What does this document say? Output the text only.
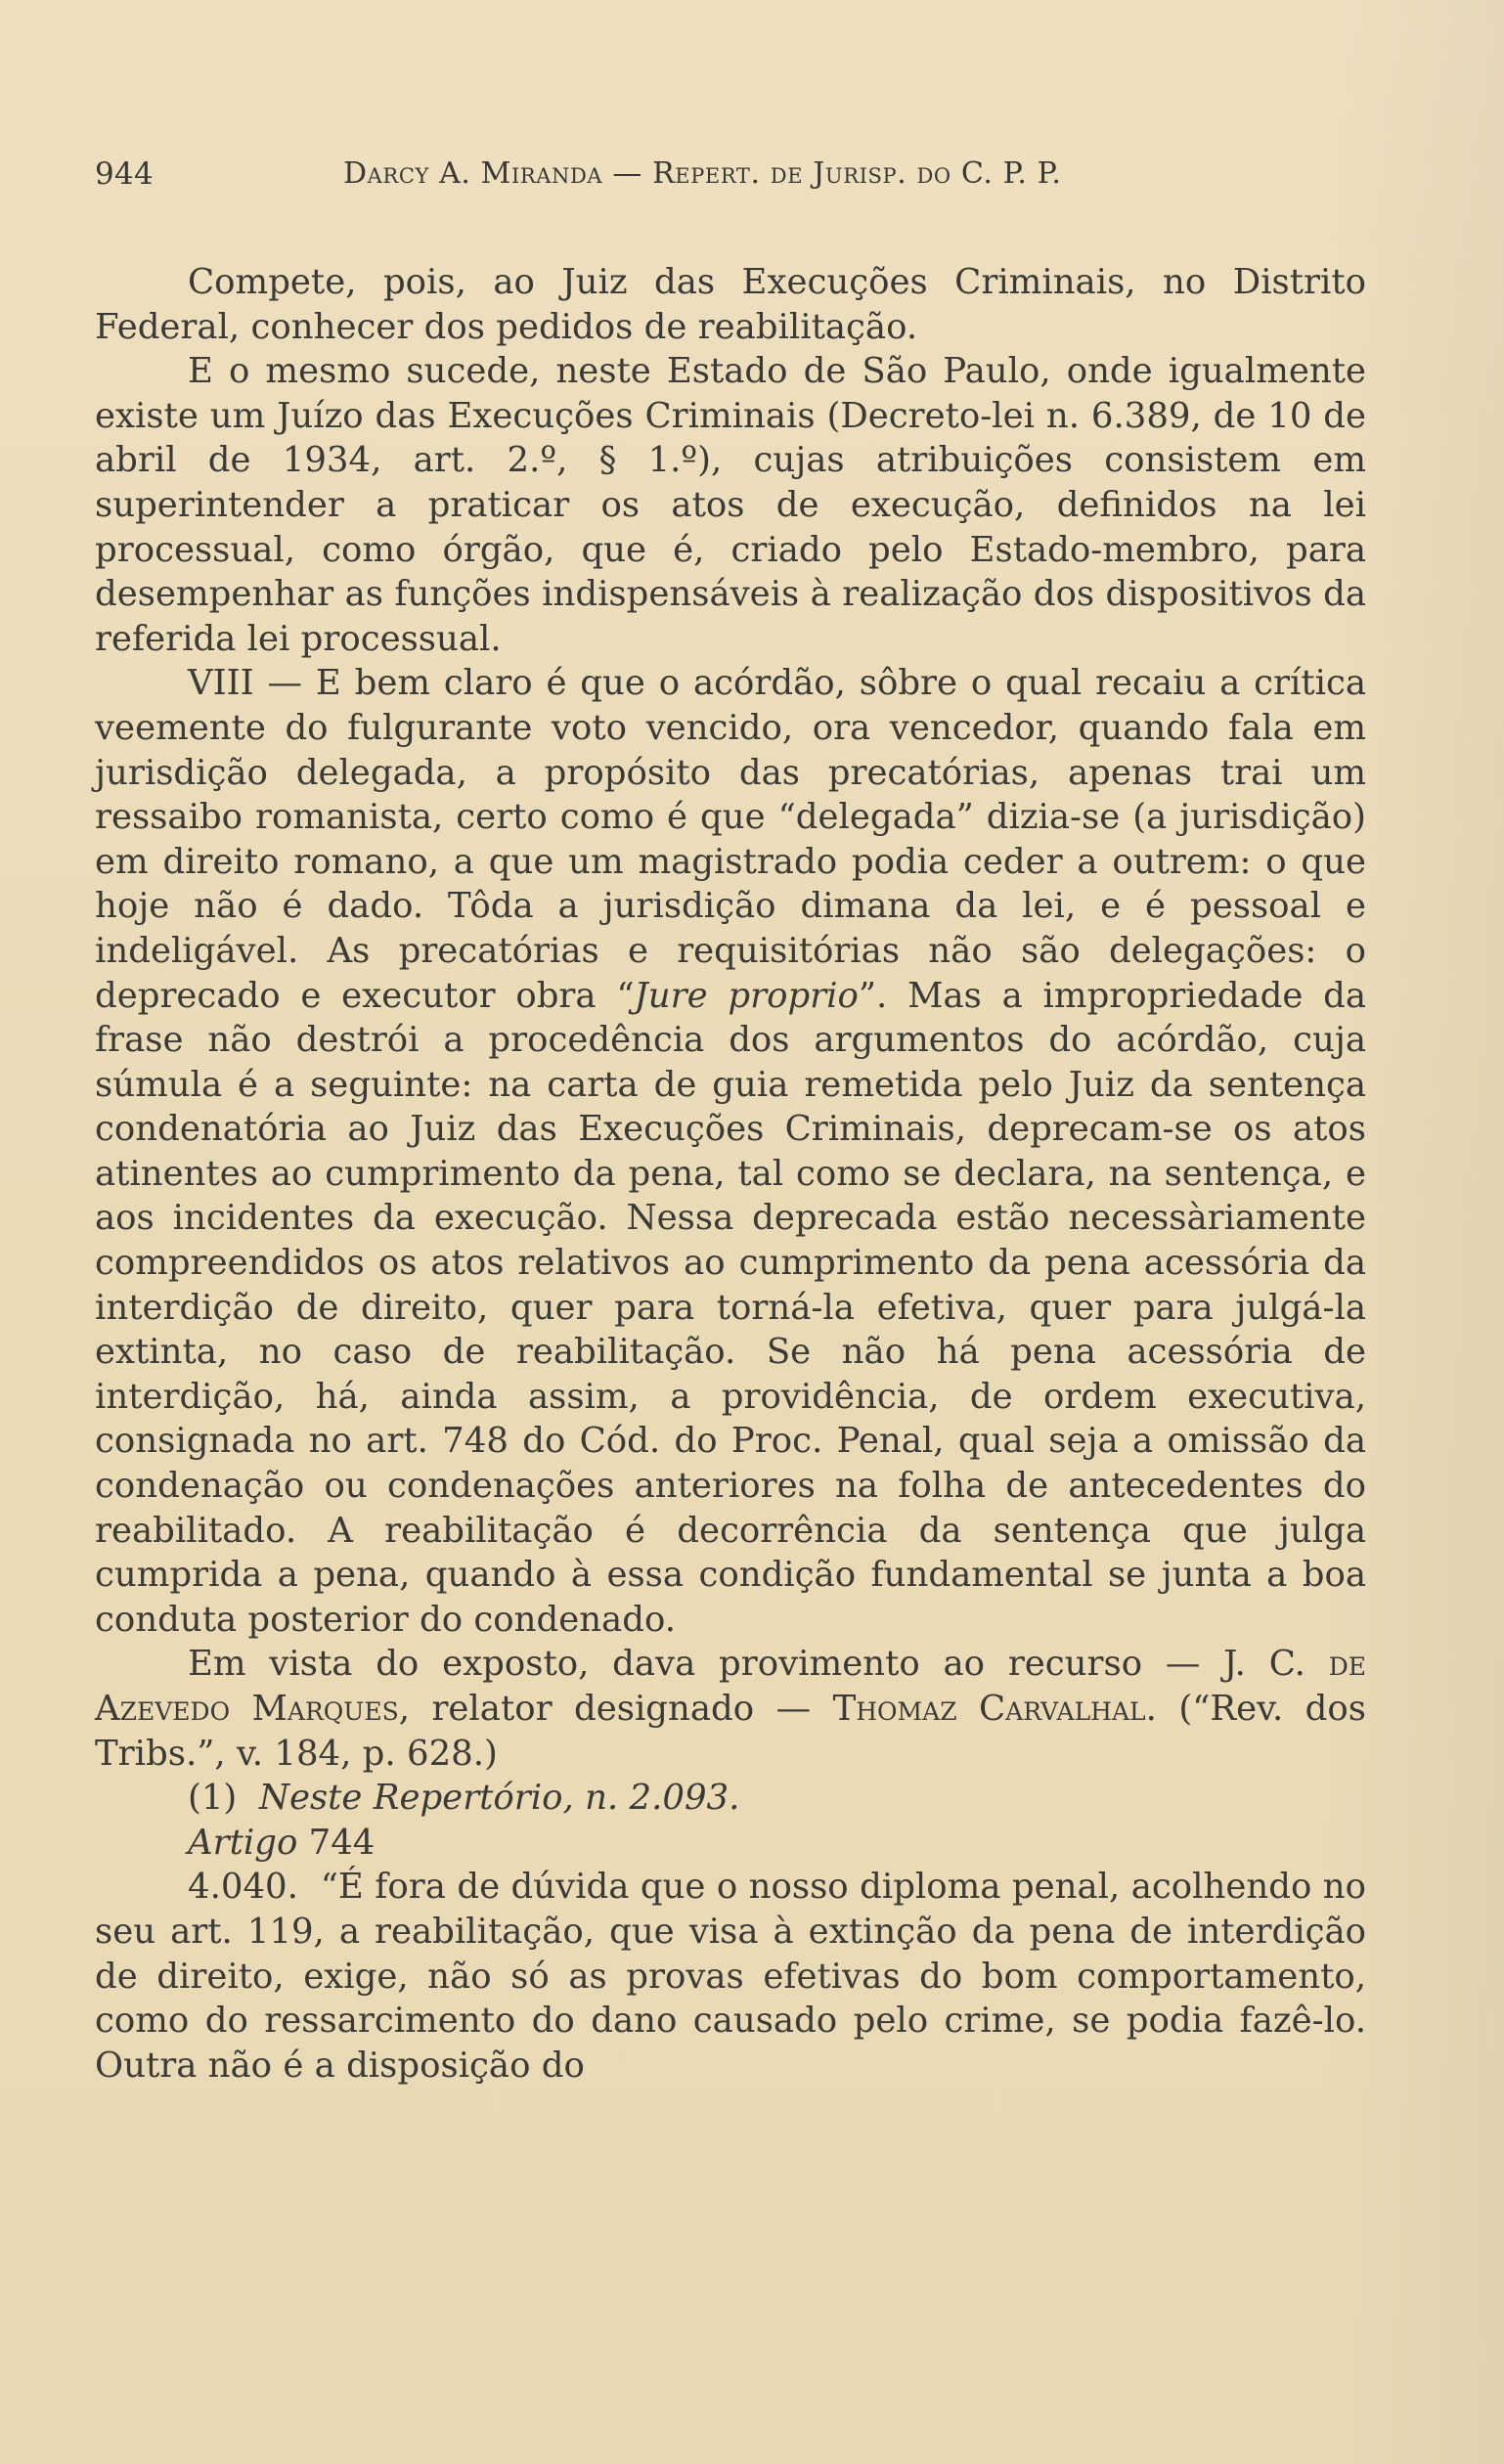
944	Darcy A. Miranda — Repert. de Jurisp. do C. P. P.

Compete, pois, ao Juiz das Execuções Criminais, no Distrito Federal, conhecer dos pedidos de reabilitação.

E o mesmo sucede, neste Estado de São Paulo, onde igualmente existe um Juízo das Execuções Criminais (Decreto-lei n. 6.389, de 10 de abril de 1934, art. 2.º, § 1.º), cujas atribuições consistem em superintender a praticar os atos de execução, definidos na lei processual, como órgão, que é, criado pelo Estado-membro, para desempenhar as funções indispensáveis à realização dos dispositivos da referida lei processual.

VIII — E bem claro é que o acórdão, sôbre o qual recaiu a crítica veemente do fulgurante voto vencido, ora vencedor, quando fala em jurisdição delegada, a propósito das precatórias, apenas trai um ressaibo romanista, certo como é que “delegada” dizia-se (a jurisdição) em direito romano, a que um magistrado podia ceder a outrem: o que hoje não é dado. Tôda a jurisdição dimana da lei, e é pessoal e indeligável. As precatórias e requisitórias não são delegações: o deprecado e executor obra “Jure proprio”. Mas a impropriedade da frase não destrói a procedência dos argumentos do acórdão, cuja súmula é a seguinte: na carta de guia remetida pelo Juiz da sentença condenatória ao Juiz das Execuções Criminais, deprecam-se os atos atinentes ao cumprimento da pena, tal como se declara, na sentença, e aos incidentes da execução. Nessa deprecada estão necessàriamente compreendidos os atos relativos ao cumprimento da pena acessória da interdição de direito, quer para torná-la efetiva, quer para julgá-la extinta, no caso de reabilitação. Se não há pena acessória de interdição, há, ainda assim, a providência, de ordem executiva, consignada no art. 748 do Cód. do Proc. Penal, qual seja a omissão da condenação ou condenações anteriores na folha de antecedentes do reabilitado. A reabilitação é decorrência da sentença que julga cumprida a pena, quando à essa condição fundamental se junta a boa conduta posterior do condenado.

Em vista do exposto, dava provimento ao recurso — J. C. de Azevedo Marques, relator designado — Thomaz Carvalhal. (“Rev. dos Tribs.”, v. 184, p. 628.)

(1) Neste Repertório, n. 2.093.

Artigo 744

4.040. “É fora de dúvida que o nosso diploma penal, acolhendo no seu art. 119, a reabilitação, que visa à extinção da pena de interdição de direito, exige, não só as provas efetivas do bom comportamento, como do ressarcimento do dano causado pelo crime, se podia fazê-lo. Outra não é a disposição do
